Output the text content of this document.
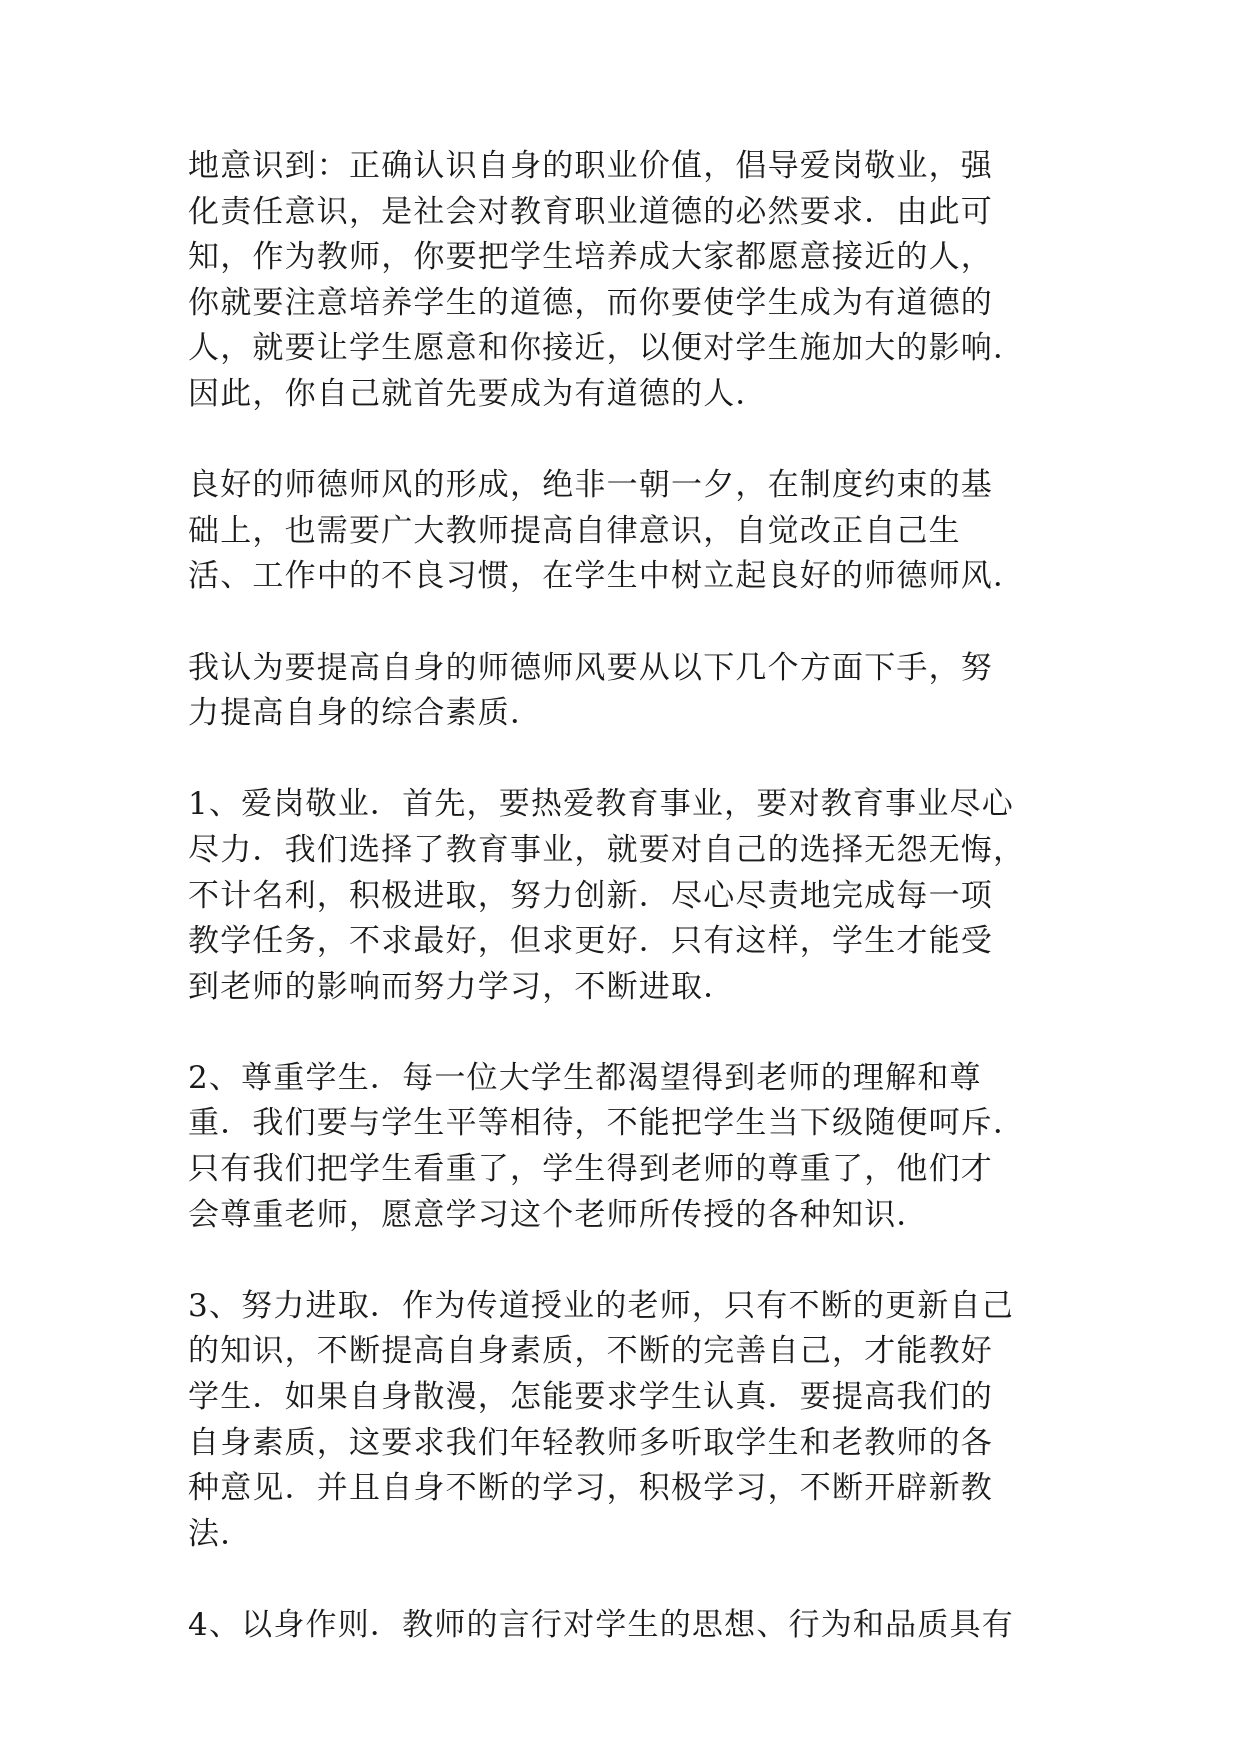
地意识到：正确认识自身的职业价值，倡导爱岗敬业，强
化责任意识，是社会对教育职业道德的必然要求．由此可
知，作为教师，你要把学生培养成大家都愿意接近的人，
你就要注意培养学生的道德，而你要使学生成为有道德的
人，就要让学生愿意和你接近，以便对学生施加大的影响．
因此，你自己就首先要成为有道德的人．
良好的师德师风的形成，绝非一朝一夕，在制度约束的基
础上，也需要广大教师提高自律意识，自觉改正自己生
活、工作中的不良习惯，在学生中树立起良好的师德师风．
我认为要提高自身的师德师风要从以下几个方面下手，努
力提高自身的综合素质．
1、爱岗敬业．首先，要热爱教育事业，要对教育事业尽心
尽力．我们选择了教育事业，就要对自己的选择无怨无悔，
不计名利，积极进取，努力创新．尽心尽责地完成每一项
教学任务，不求最好，但求更好．只有这样，学生才能受
到老师的影响而努力学习，不断进取．
2、尊重学生．每一位大学生都渴望得到老师的理解和尊
重．我们要与学生平等相待，不能把学生当下级随便呵斥．
只有我们把学生看重了，学生得到老师的尊重了，他们才
会尊重老师，愿意学习这个老师所传授的各种知识．
3、努力进取．作为传道授业的老师，只有不断的更新自己
的知识，不断提高自身素质，不断的完善自己，才能教好
学生．如果自身散漫，怎能要求学生认真．要提高我们的
自身素质，这要求我们年轻教师多听取学生和老教师的各
种意见．并且自身不断的学习，积极学习，不断开辟新教
法．
4、以身作则．教师的言行对学生的思想、行为和品质具有
